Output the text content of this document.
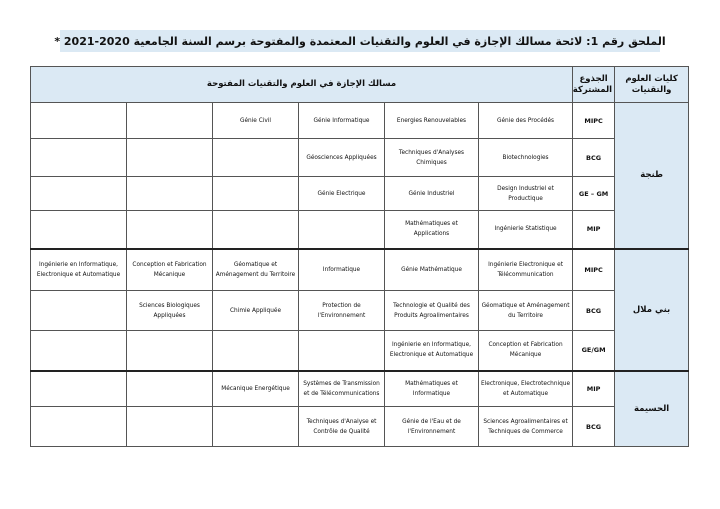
الملحق رقم 1: لائحة مسالك الإجازة في العلوم والتقنيات المعتمدة والمفتوحة برسم السنة الجامعية 2020-2021 *
مسالك الإجازة في العلوم والتقنيات المفتوحة						الجذوع المشتركة	كليات العلوم والتقنيات
		Génie Civil	Génie Informatique	Energies Renouvelables	Génie des Procédés	MIPC	طنجة
			Géosciences Appliquées	Techniques d'Analyses Chimiques	Biotechnologies	BCG	
			Génie Electrique	Génie Industriel	Design Industriel et Productique	GE – GM	
				Mathématiques et Applications	Ingénierie Statistique	MIP	
Ingénierie en Informatique, Electronique et Automatique	Conception et Fabrication Mécanique	Géomatique et Aménagement du Territoire	Informatique	Génie Mathématique	Ingénierie Electronique et Télécommunication	MIPC	بني ملال
	Sciences Biologiques Appliquées	Chimie Appliquée	Protection de l'Environnement	Technologie et Qualité des Produits Agroalimentaires	Géomatique et Aménagement du Territoire	BCG	
				Ingénierie en Informatique, Electronique et Automatique	Conception et Fabrication Mécanique	GE/GM	
		Mécanique Energétique	Systèmes de Transmission et de Télécommunications	Mathématiques et Informatique	Electronique, Electrotechnique et Automatique	MIP	الحسيمة
			Techniques d'Analyse et Contrôle de Qualité	Génie de l'Eau et de l'Environnement	Sciences Agroalimentaires et Techniques de Commerce	BCG	
